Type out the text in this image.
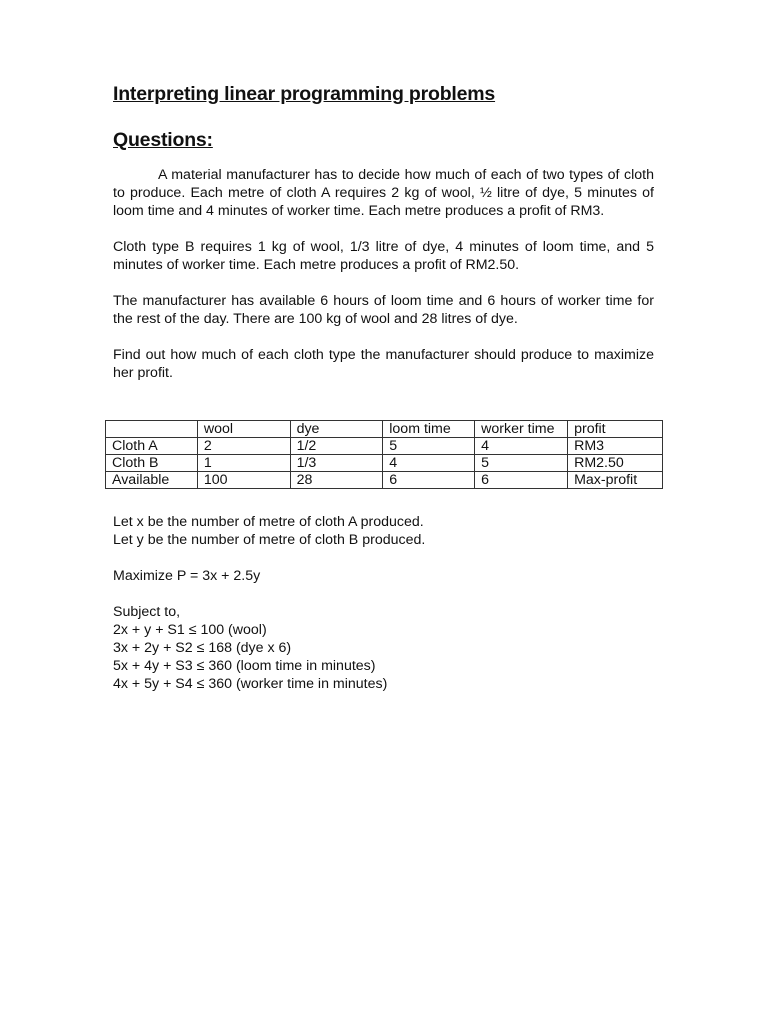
Interpreting linear programming problems
Questions:

A material manufacturer has to decide how much of each of two types of cloth to produce. Each metre of cloth A requires 2 kg of wool, ½ litre of dye, 5 minutes of loom time and 4 minutes of worker time. Each metre produces a profit of RM3.

Cloth type B requires 1 kg of wool, 1/3 litre of dye, 4 minutes of loom time, and 5 minutes of worker time. Each metre produces a profit of RM2.50.

The manufacturer has available 6 hours of loom time and 6 hours of worker time for the rest of the day. There are 100 kg of wool and 28 litres of dye.

Find out how much of each cloth type the manufacturer should produce to maximize her profit.

	wool	dye	loom time	worker time	profit
Cloth A	2	1/2	5	4	RM3
Cloth B	1	1/3	4	5	RM2.50
Available	100	28	6	6	Max-profit

Let x be the number of metre of cloth A produced.

Let y be the number of metre of cloth B produced.

Maximize P = 3x + 2.5y

Subject to,

2x + y + S1 ≤ 100 (wool)

3x + 2y + S2 ≤ 168 (dye x 6)

5x + 4y + S3 ≤ 360 (loom time in minutes)

4x + 5y + S4 ≤ 360 (worker time in minutes)
